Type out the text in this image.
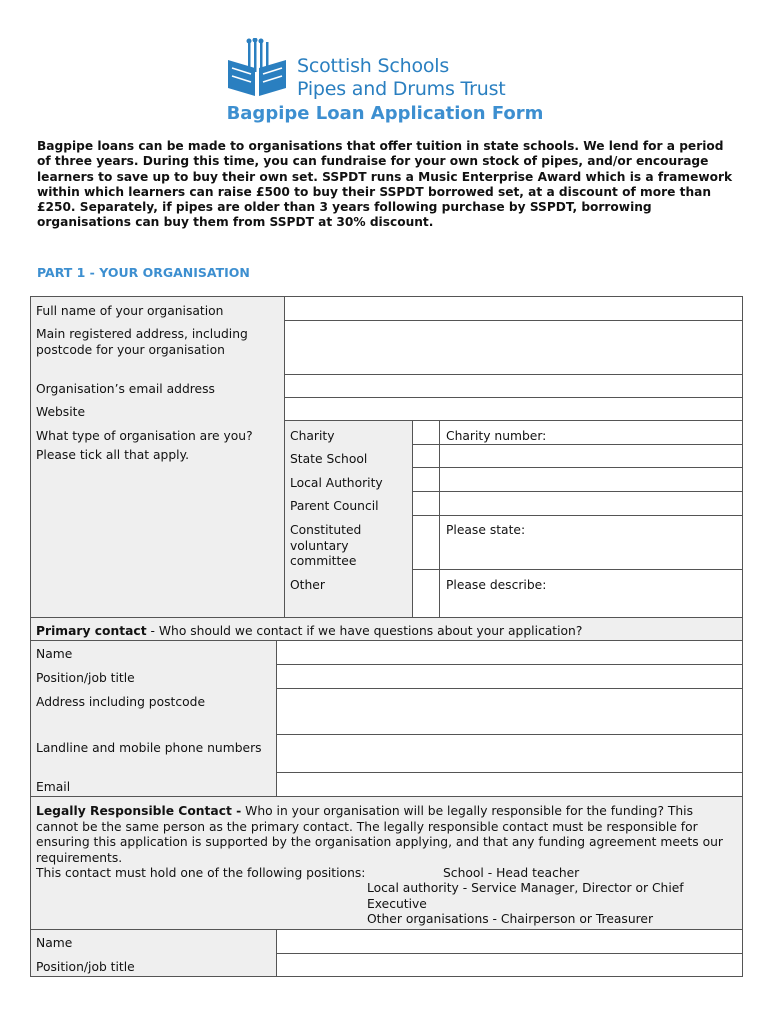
Scottish Schools
Pipes and Drums Trust
Bagpipe Loan Application Form
Bagpipe loans can be made to organisations that offer tuition in state schools. We lend for a period of three years. During this time, you can fundraise for your own stock of pipes, and/or encourage learners to save up to buy their own set. SSPDT runs a Music Enterprise Award which is a framework within which learners can raise £500 to buy their SSPDT borrowed set, at a discount of more than £250. Separately, if pipes are older than 3 years following purchase by SSPDT, borrowing organisations can buy them from SSPDT at 30% discount.
PART 1 - YOUR ORGANISATION
Full name of your organisation
Main registered address, including postcode for your organisation
Organisation’s email address
Website
What type of organisation are you?
Please tick all that apply.
Charity
State School
Local Authority
Parent Council
Constituted voluntary committee
Other
Charity number:
Please state:
Please describe:
Primary contact - Who should we contact if we have questions about your application?
Name
Position/job title
Address including postcode
Landline and mobile phone numbers
Email
Legally Responsible Contact - Who in your organisation will be legally responsible for the funding? This cannot be the same person as the primary contact. The legally responsible contact must be responsible for ensuring this application is supported by the organisation applying, and that any funding agreement meets our requirements.
This contact must hold one of the following positions:	School - Head teacher
Local authority - Service Manager, Director or Chief Executive
Other organisations - Chairperson or Treasurer
Name
Position/job title
